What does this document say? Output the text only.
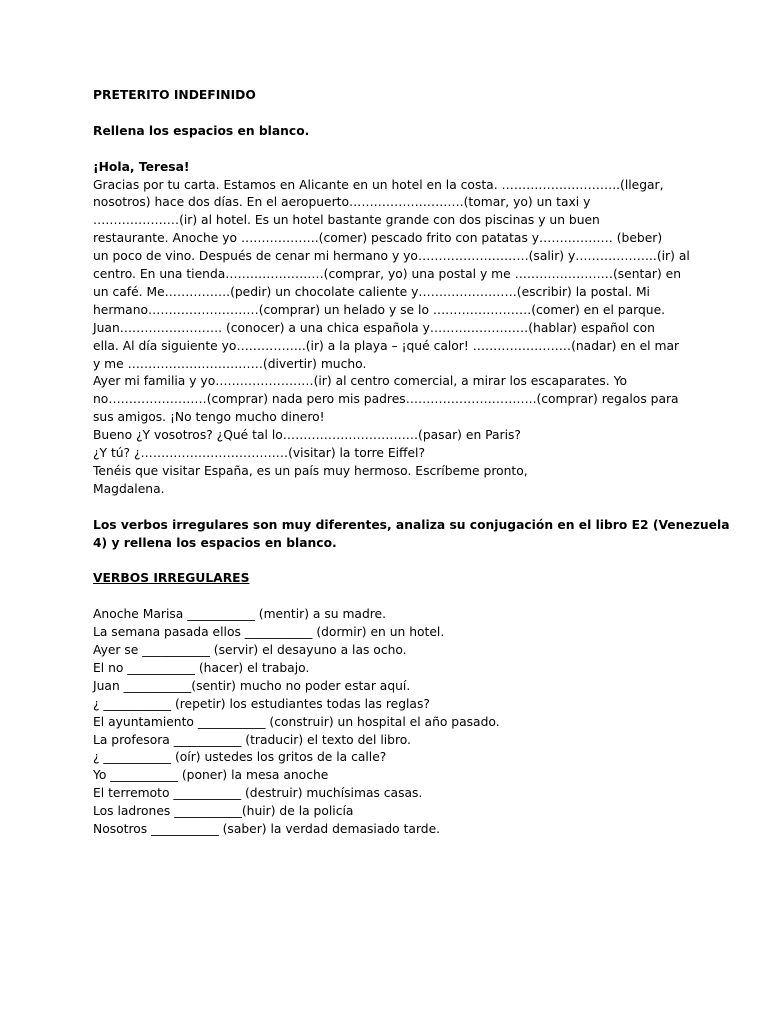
PRETERITO INDEFINIDO
Rellena los espacios en blanco.
¡Hola, Teresa!
Gracias por tu carta. Estamos en Alicante en un hotel en la costa. ………………………..(llegar,
nosotros) hace dos días. En el aeropuerto……………………….(tomar, yo) un taxi y
…………………(ir) al hotel. Es un hotel bastante grande con dos piscinas y un buen
restaurante. Anoche yo ……………….(comer) pescado frito con patatas y……………… (beber)
un poco de vino. Después de cenar mi hermano y yo………………………(salir) y………………..(ir) al
centro. En una tienda……………………(comprar, yo) una postal y me ……………………(sentar) en
un café. Me…………….(pedir) un chocolate caliente y……………………(escribir) la postal. Mi
hermano………………………(comprar) un helado y se lo ……………………(comer) en el parque.
Juan……………………. (conocer) a una chica española y……………………(hablar) español con
ella. Al día siguiente yo……………..(ir) a la playa – ¡qué calor! ……………………(nadar) en el mar
y me ……………………………(divertir) mucho.
Ayer mi familia y yo……………………(ir) al centro comercial, a mirar los escaparates. Yo
no……………………(comprar) nada pero mis padres…………………………..(comprar) regalos para
sus amigos. ¡No tengo mucho dinero!
Bueno ¿Y vosotros? ¿Qué tal lo……………………………(pasar) en Paris?
¿Y tú? ¿………………………………(visitar) la torre Eiffel?
Tenéis que visitar España, es un país muy hermoso. Escríbeme pronto,
Magdalena.
Los verbos irregulares son muy diferentes, analiza su conjugación en el libro E2 (Venezuela
4) y rellena los espacios en blanco.
VERBOS IRREGULARES
Anoche Marisa ___________ (mentir) a su madre.
La semana pasada ellos ___________ (dormir) en un hotel.
Ayer se ___________ (servir) el desayuno a las ocho.
El no ___________ (hacer) el trabajo.
Juan ___________(sentir) mucho no poder estar aquí.
¿ ___________ (repetir) los estudiantes todas las reglas?
El ayuntamiento ___________ (construir) un hospital el año pasado.
La profesora ___________ (traducir) el texto del libro.
¿ ___________ (oír) ustedes los gritos de la calle?
Yo ___________ (poner) la mesa anoche
El terremoto ___________ (destruir) muchísimas casas.
Los ladrones ___________(huir) de la policía
Nosotros ___________ (saber) la verdad demasiado tarde.
